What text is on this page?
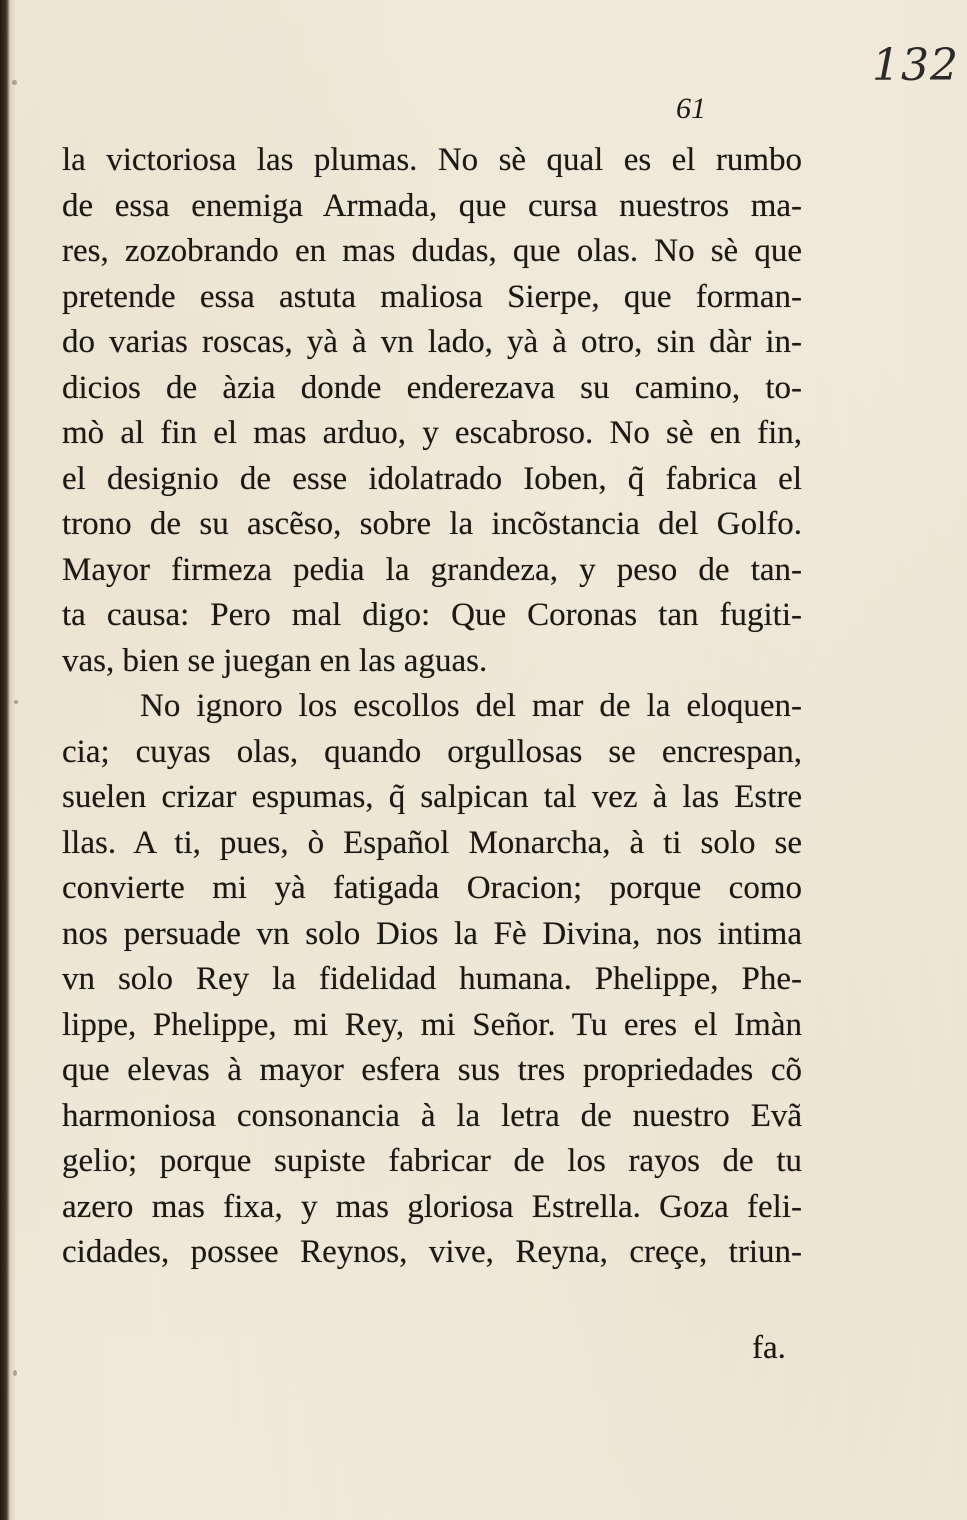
132
61
la victoriosa las plumas. No sè qual es el rumbo
de essa enemiga Armada, que cursa nuestros ma-
res, zozobrando en mas dudas, que olas. No sè que
pretende essa astuta maliosa Sierpe, que forman-
do varias roscas, yà à vn lado, yà à otro, sin dàr in-
dicios de àzia donde enderezava su camino, to-
mò al fin el mas arduo, y escabroso. No sè en fin,
el designio de esse idolatrado Ioben, q̃ fabrica el
trono de su ascẽso, sobre la incõstancia del Golfo.
Mayor firmeza pedia la grandeza, y peso de tan-
ta causa: Pero mal digo: Que Coronas tan fugiti-
vas, bien se juegan en las aguas.
No ignoro los escollos del mar de la eloquen-
cia; cuyas olas, quando orgullosas se encrespan,
suelen crizar espumas, q̃ salpican tal vez à las Estre
llas. A ti, pues, ò Español Monarcha, à ti solo se
convierte mi yà fatigada Oracion; porque como
nos persuade vn solo Dios la Fè Divina, nos intima
vn solo Rey la fidelidad humana. Phelippe, Phe-
lippe, Phelippe, mi Rey, mi Señor. Tu eres el Imàn
que elevas à mayor esfera sus tres propriedades cõ
harmoniosa consonancia à la letra de nuestro Evã
gelio; porque supiste fabricar de los rayos de tu
azero mas fixa, y mas gloriosa Estrella. Goza feli-
cidades, possee Reynos, vive, Reyna, creçe, triun-
fa.
